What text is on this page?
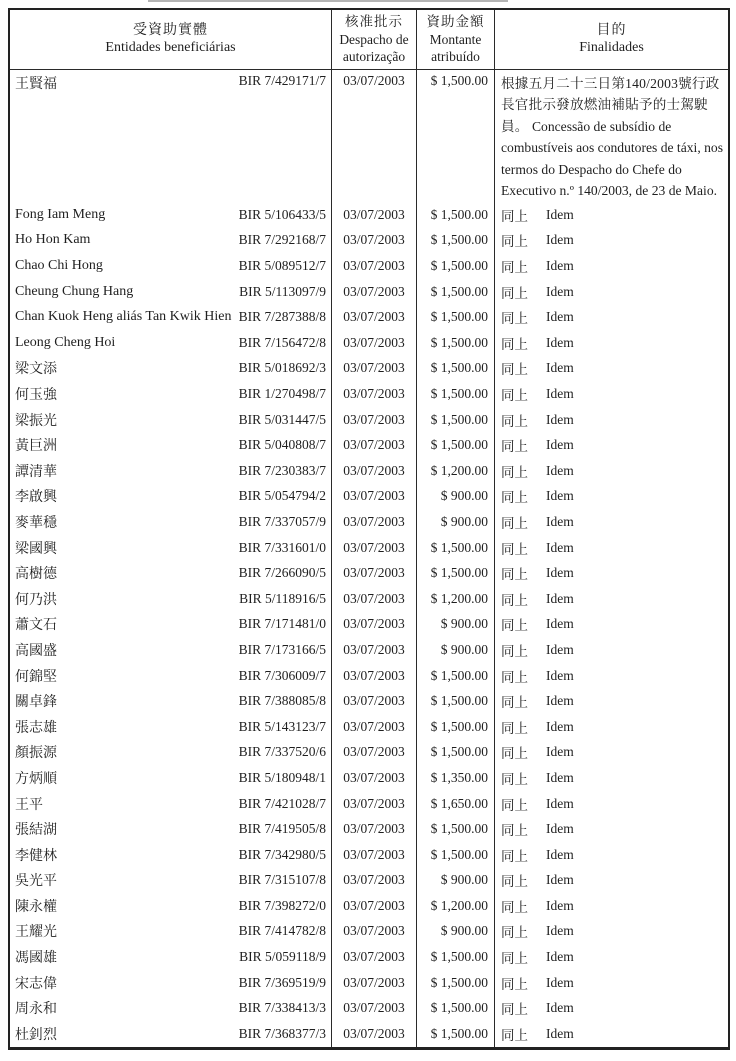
受資助實體
Entidades beneficiárias
核准批示
Despacho de autorização
資助金額
Montante atribuído
目的
Finalidades
王賢福	BIR 7/429171/7	03/07/2003	$ 1,500.00 根據五月二十三日第140/2003號行政長官批示發放燃油補貼予的士駕駛員。 Concessão de subsídio de combustíveis aos condutores de táxi, nos termos do Despacho do Chefe do Executivo n.º 140/2003, de 23 de Maio.
Fong Iam Meng	BIR 5/106433/5	03/07/2003	$ 1,500.00 同上 Idem
Ho Hon Kam	BIR 7/292168/7	03/07/2003	$ 1,500.00 同上 Idem
Chao Chi Hong	BIR 5/089512/7	03/07/2003	$ 1,500.00 同上 Idem
Cheung Chung Hang	BIR 5/113097/9	03/07/2003	$ 1,500.00 同上 Idem
Chan Kuok Heng aliás Tan Kwik Hien BIR 7/287388/8	03/07/2003	$ 1,500.00 同上 Idem
Leong Cheng Hoi	BIR 7/156472/8	03/07/2003	$ 1,500.00 同上 Idem
梁文添	BIR 5/018692/3	03/07/2003	$ 1,500.00 同上 Idem
何玉強	BIR 1/270498/7	03/07/2003	$ 1,500.00 同上 Idem
梁振光	BIR 5/031447/5	03/07/2003	$ 1,500.00 同上 Idem
黃巨洲	BIR 5/040808/7	03/07/2003	$ 1,500.00 同上 Idem
譚清華	BIR 7/230383/7	03/07/2003	$ 1,200.00 同上 Idem
李啟興	BIR 5/054794/2	03/07/2003	$ 900.00 同上 Idem
麥華穩	BIR 7/337057/9	03/07/2003	$ 900.00 同上 Idem
梁國興	BIR 7/331601/0	03/07/2003	$ 1,500.00 同上 Idem
高樹德	BIR 7/266090/5	03/07/2003	$ 1,500.00 同上 Idem
何乃洪	BIR 5/118916/5	03/07/2003	$ 1,200.00 同上 Idem
蕭文石	BIR 7/171481/0	03/07/2003	$ 900.00 同上 Idem
高國盛	BIR 7/173166/5	03/07/2003	$ 900.00 同上 Idem
何錦堅	BIR 7/306009/7	03/07/2003	$ 1,500.00 同上 Idem
關卓鋒	BIR 7/388085/8	03/07/2003	$ 1,500.00 同上 Idem
張志雄	BIR 5/143123/7	03/07/2003	$ 1,500.00 同上 Idem
顏振源	BIR 7/337520/6	03/07/2003	$ 1,500.00 同上 Idem
方炳順	BIR 5/180948/1	03/07/2003	$ 1,350.00 同上 Idem
王平	BIR 7/421028/7	03/07/2003	$ 1,650.00 同上 Idem
張結湖	BIR 7/419505/8	03/07/2003	$ 1,500.00 同上 Idem
李健林	BIR 7/342980/5	03/07/2003	$ 1,500.00 同上 Idem
吳光平	BIR 7/315107/8	03/07/2003	$ 900.00 同上 Idem
陳永權	BIR 7/398272/0	03/07/2003	$ 1,200.00 同上 Idem
王耀光	BIR 7/414782/8	03/07/2003	$ 900.00 同上 Idem
馮國雄	BIR 5/059118/9	03/07/2003	$ 1,500.00 同上 Idem
宋志偉	BIR 7/369519/9	03/07/2003	$ 1,500.00 同上 Idem
周永和	BIR 7/338413/3	03/07/2003	$ 1,500.00 同上 Idem
杜釗烈	BIR 7/368377/3	03/07/2003	$ 1,500.00 同上 Idem
